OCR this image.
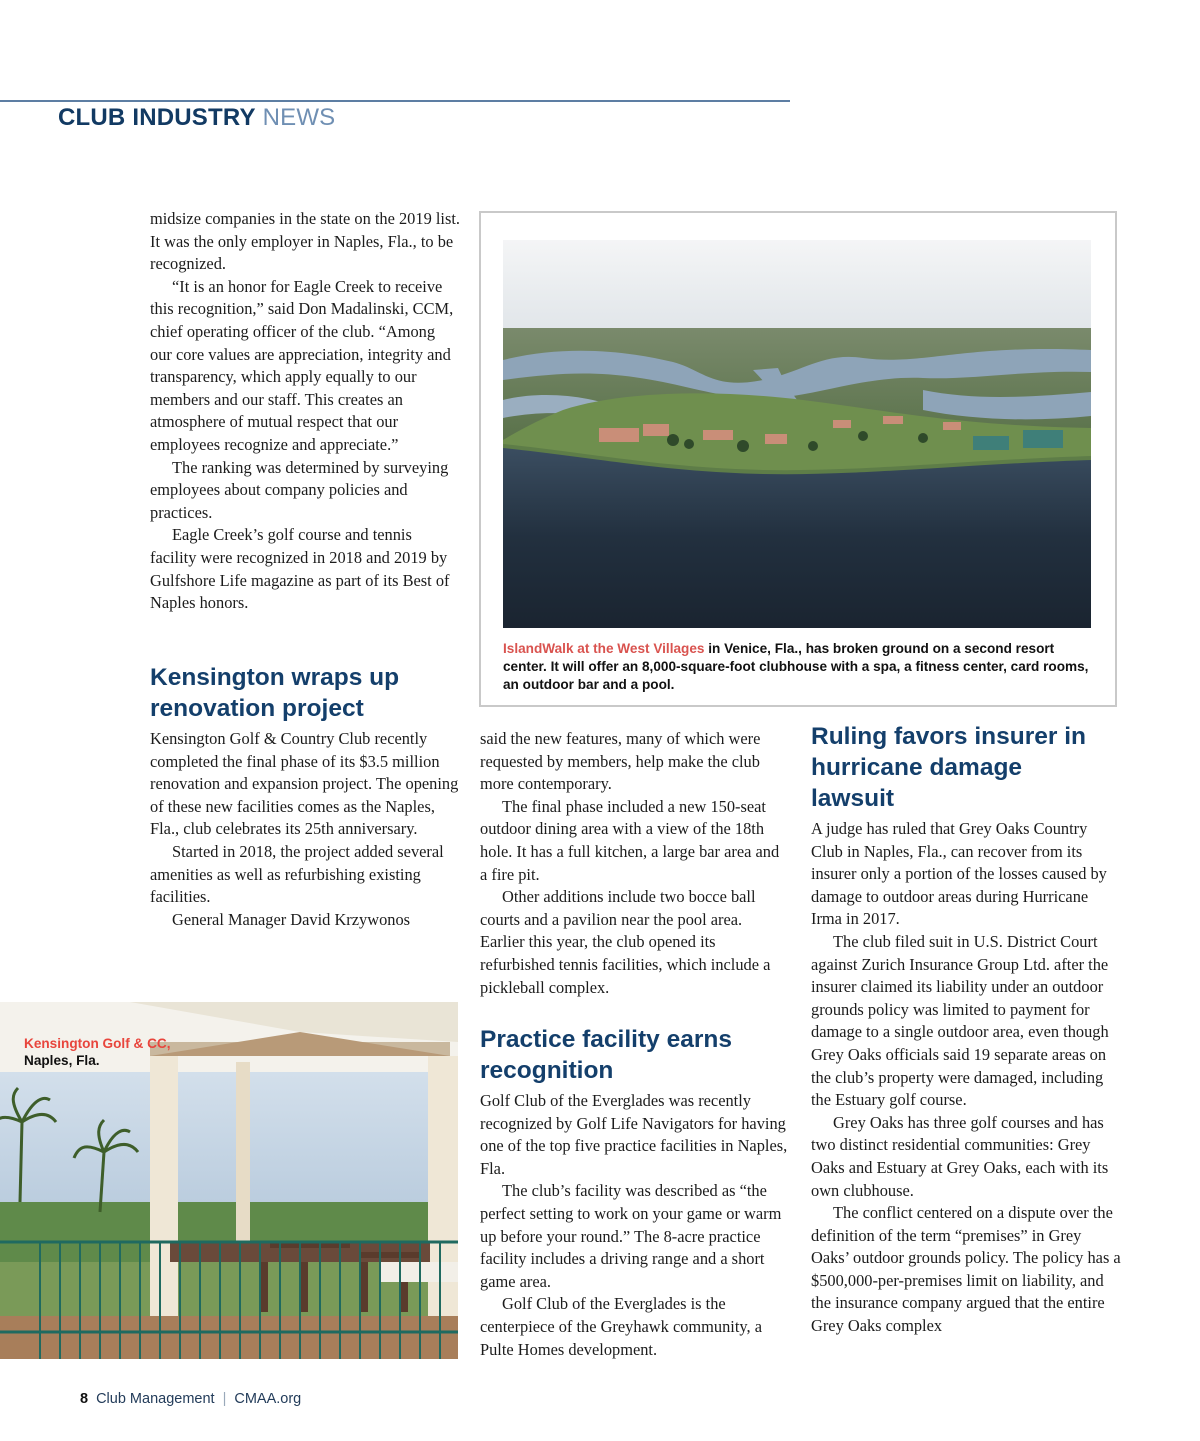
CLUB INDUSTRY NEWS

midsize companies in the state on the 2019 list. It was the only employer in Naples, Fla., to be recognized.

“It is an honor for Eagle Creek to receive this recognition,” said Don Madalinski, CCM, chief operating officer of the club. “Among our core values are appreciation, integrity and transparency, which apply equally to our members and our staff. This creates an atmosphere of mutual respect that our employees recognize and appreciate.”

The ranking was determined by surveying employees about company policies and practices.

Eagle Creek’s golf course and tennis facility were recognized in 2018 and 2019 by Gulfshore Life magazine as part of its Best of Naples honors.

Kensington wraps up renovation project

Kensington Golf & Country Club recently completed the final phase of its $3.5 million renovation and expansion project. The opening of these new facilities comes as the Naples, Fla., club celebrates its 25th anniversary.

Started in 2018, the project added several amenities as well as refurbishing existing facilities.

General Manager David Krzywonos

IslandWalk at the West Villages in Venice, Fla., has broken ground on a second resort center. It will offer an 8,000-square-foot clubhouse with a spa, a fitness center, card rooms, an outdoor bar and a pool.

said the new features, many of which were requested by members, help make the club more contemporary.

The final phase included a new 150-seat outdoor dining area with a view of the 18th hole. It has a full kitchen, a large bar area and a fire pit.

Other additions include two bocce ball courts and a pavilion near the pool area. Earlier this year, the club opened its refurbished tennis facilities, which include a pickleball complex.

Practice facility earns recognition

Golf Club of the Everglades was recently recognized by Golf Life Navigators for having one of the top five practice facilities in Naples, Fla.

The club’s facility was described as “the perfect setting to work on your game or warm up before your round.” The 8-acre practice facility includes a driving range and a short game area.

Golf Club of the Everglades is the centerpiece of the Greyhawk community, a Pulte Homes development.

Ruling favors insurer in hurricane damage lawsuit

A judge has ruled that Grey Oaks Country Club in Naples, Fla., can recover from its insurer only a portion of the losses caused by damage to outdoor areas during Hurricane Irma in 2017.

The club filed suit in U.S. District Court against Zurich Insurance Group Ltd. after the insurer claimed its liability under an outdoor grounds policy was limited to payment for damage to a single outdoor area, even though Grey Oaks officials said 19 separate areas on the club’s property were damaged, including the Estuary golf course.

Grey Oaks has three golf courses and has two distinct residential communities: Grey Oaks and Estuary at Grey Oaks, each with its own clubhouse.

The conflict centered on a dispute over the definition of the term “premises” in Grey Oaks’ outdoor grounds policy. The policy has a $500,000-per-premises limit on liability, and the insurance company argued that the entire Grey Oaks complex

Kensington Golf & CC,
Naples, Fla.
8 Club Management | CMAA.org
